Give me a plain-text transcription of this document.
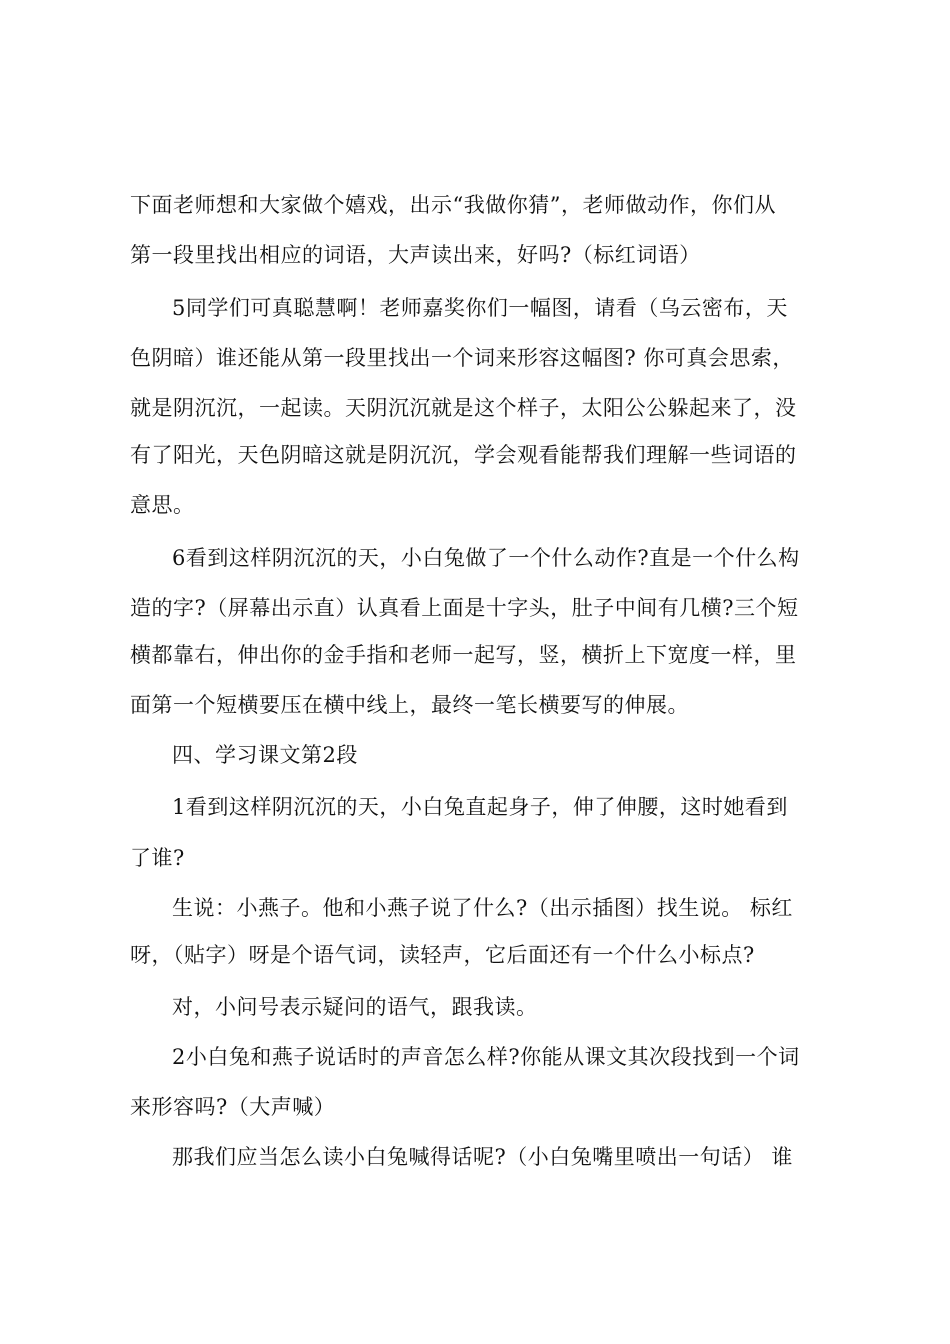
下面老师想和大家做个嬉戏，出示“我做你猜”，老师做动作，你们从
第一段里找出相应的词语，大声读出来，好吗?（标红词语）
5同学们可真聪慧啊！老师嘉奖你们一幅图，请看（乌云密布，天
色阴暗）谁还能从第一段里找出一个词来形容这幅图? 你可真会思索，
就是阴沉沉，一起读。天阴沉沉就是这个样子，太阳公公躲起来了，没
有了阳光，天色阴暗这就是阴沉沉，学会观看能帮我们理解一些词语的
意思。
6看到这样阴沉沉的天，小白兔做了一个什么动作?直是一个什么构
造的字?（屏幕出示直）认真看上面是十字头，肚子中间有几横?三个短
横都靠右，伸出你的金手指和老师一起写，竖，横折上下宽度一样，里
面第一个短横要压在横中线上，最终一笔长横要写的伸展。
四、学习课文第2段
1看到这样阴沉沉的天，小白兔直起身子，伸了伸腰，这时她看到
了谁?
生说：小燕子。他和小燕子说了什么?（出示插图）找生说。 标红
呀，（贴字）呀是个语气词，读轻声，它后面还有一个什么小标点?
对，小问号表示疑问的语气，跟我读。
2小白兔和燕子说话时的声音怎么样?你能从课文其次段找到一个词
来形容吗?（大声喊）
那我们应当怎么读小白兔喊得话呢?（小白兔嘴里喷出一句话） 谁
